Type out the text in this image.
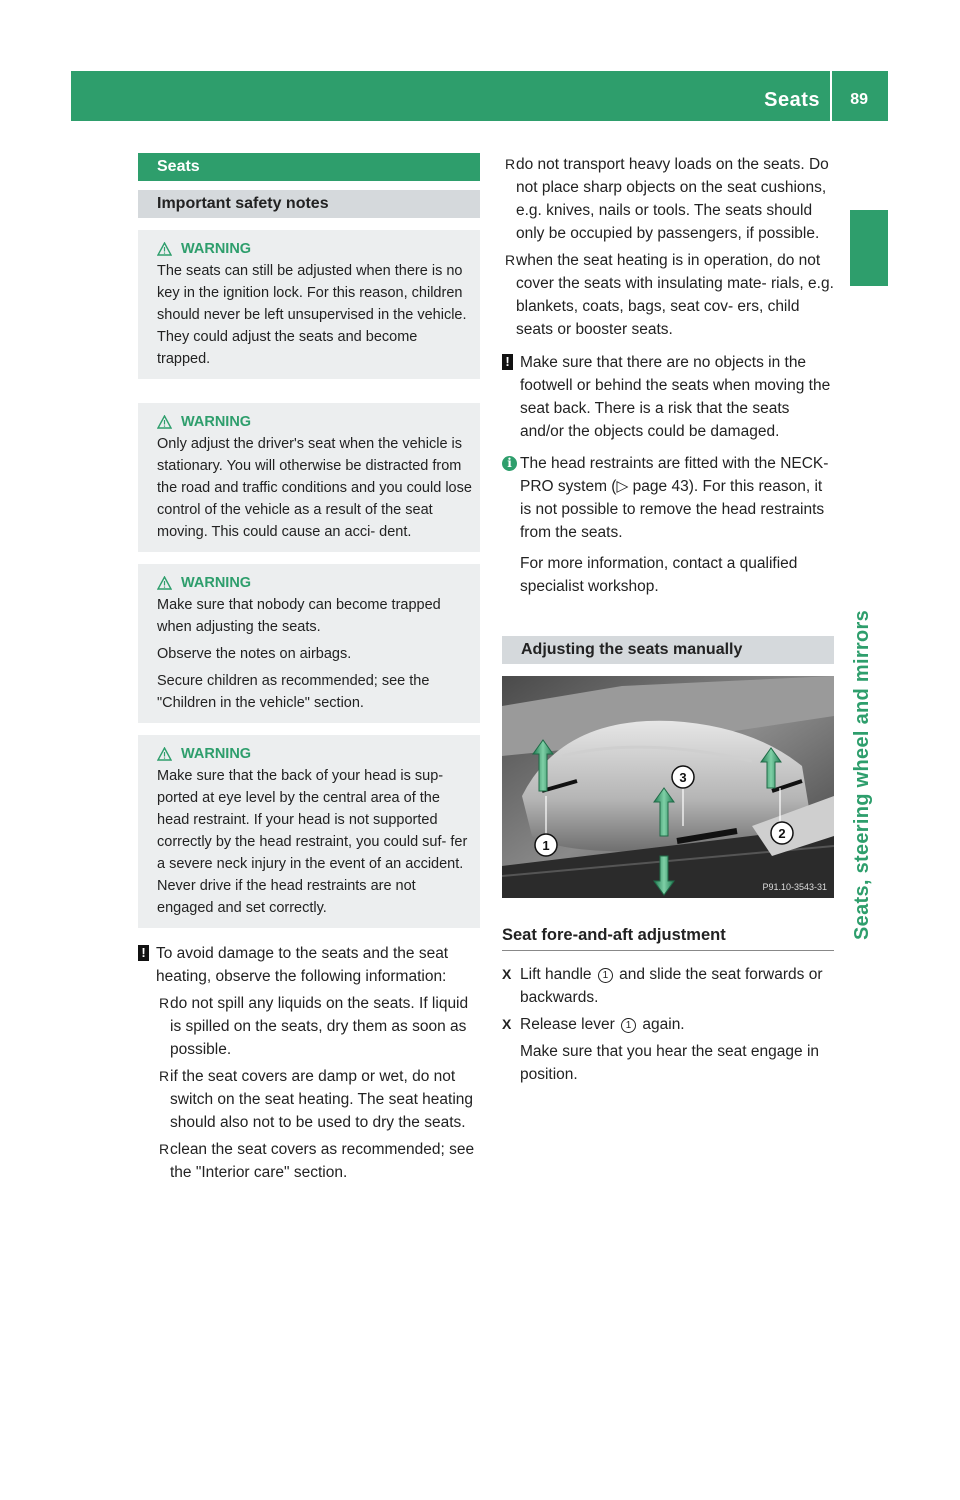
Seats 89
Seats, steering wheel and mirrors
Seats
Important safety notes
WARNING

The seats can still be adjusted when there is no key in the ignition lock. For this reason, children should never be left unsupervised in the vehicle. They could adjust the seats and become trapped.

WARNING

Only adjust the driver's seat when the vehicle is stationary. You will otherwise be distracted from the road and traffic conditions and you could lose control of the vehicle as a result of the seat moving. This could cause an acci- dent.

WARNING

Make sure that nobody can become trapped when adjusting the seats.

Observe the notes on airbags.

Secure children as recommended; see the "Children in the vehicle" section.

WARNING

Make sure that the back of your head is sup- ported at eye level by the central area of the head restraint. If your head is not supported correctly by the head restraint, you could suf- fer a severe neck injury in the event of an accident. Never drive if the head restraints are not engaged and set correctly.

! To avoid damage to the seats and the seat heating, observe the following information:
R do not spill any liquids on the seats. If liquid is spilled on the seats, dry them as soon as possible.
R if the seat covers are damp or wet, do not switch on the seat heating. The seat heating should also not to be used to dry the seats.
R clean the seat covers as recommended; see the "Interior care" section.
R do not transport heavy loads on the seats. Do not place sharp objects on the seat cushions, e.g. knives, nails or tools. The seats should only be occupied by passengers, if possible.
R when the seat heating is in operation, do not cover the seats with insulating mate- rials, e.g. blankets, coats, bags, seat cov- ers, child seats or booster seats.
! Make sure that there are no objects in the footwell or behind the seats when moving the seat back. There is a risk that the seats and/or the objects could be damaged.
i The head restraints are fitted with the NECK-PRO system (▷ page 43). For this reason, it is not possible to remove the head restraints from the seats.

For more information, contact a qualified specialist workshop.

Adjusting the seats manually
1
2
3
P91.10-3543-31
Seat fore-and-aft adjustment
X Lift handle 1 and slide the seat forwards or backwards.
X Release lever 1 again.

Make sure that you hear the seat engage in position.
